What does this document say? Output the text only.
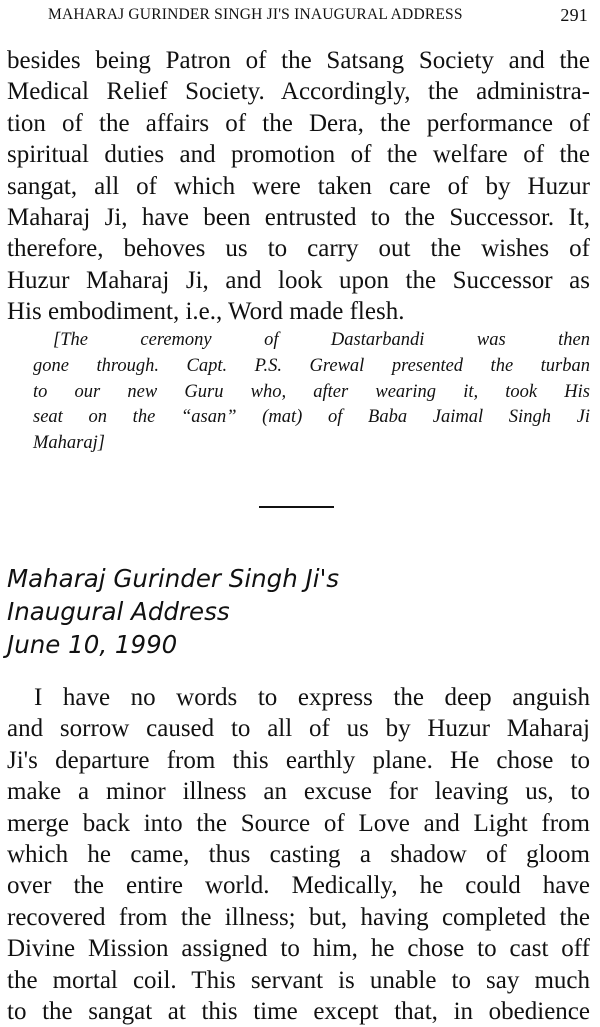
MAHARAJ GURINDER SINGH JI'S INAUGURAL ADDRESS	291
besides being Patron of the Satsang Society and the
Medical Relief Society. Accordingly, the administra-
tion of the affairs of the Dera, the performance of
spiritual duties and promotion of the welfare of the
sangat, all of which were taken care of by Huzur
Maharaj Ji, have been entrusted to the Successor. It,
therefore, behoves us to carry out the wishes of
Huzur Maharaj Ji, and look upon the Successor as
His embodiment, i.e., Word made flesh.
[The ceremony of Dastarbandi was then
gone through. Capt. P.S. Grewal presented the turban
to our new Guru who, after wearing it, took His
seat on the “asan” (mat) of Baba Jaimal Singh Ji
Maharaj]
Maharaj Gurinder Singh Ji's
Inaugural Address
June 10, 1990
I have no words to express the deep anguish
and sorrow caused to all of us by Huzur Maharaj
Ji's departure from this earthly plane. He chose to
make a minor illness an excuse for leaving us, to
merge back into the Source of Love and Light from
which he came, thus casting a shadow of gloom
over the entire world. Medically, he could have
recovered from the illness; but, having completed the
Divine Mission assigned to him, he chose to cast off
the mortal coil. This servant is unable to say much
to the sangat at this time except that, in obedience
